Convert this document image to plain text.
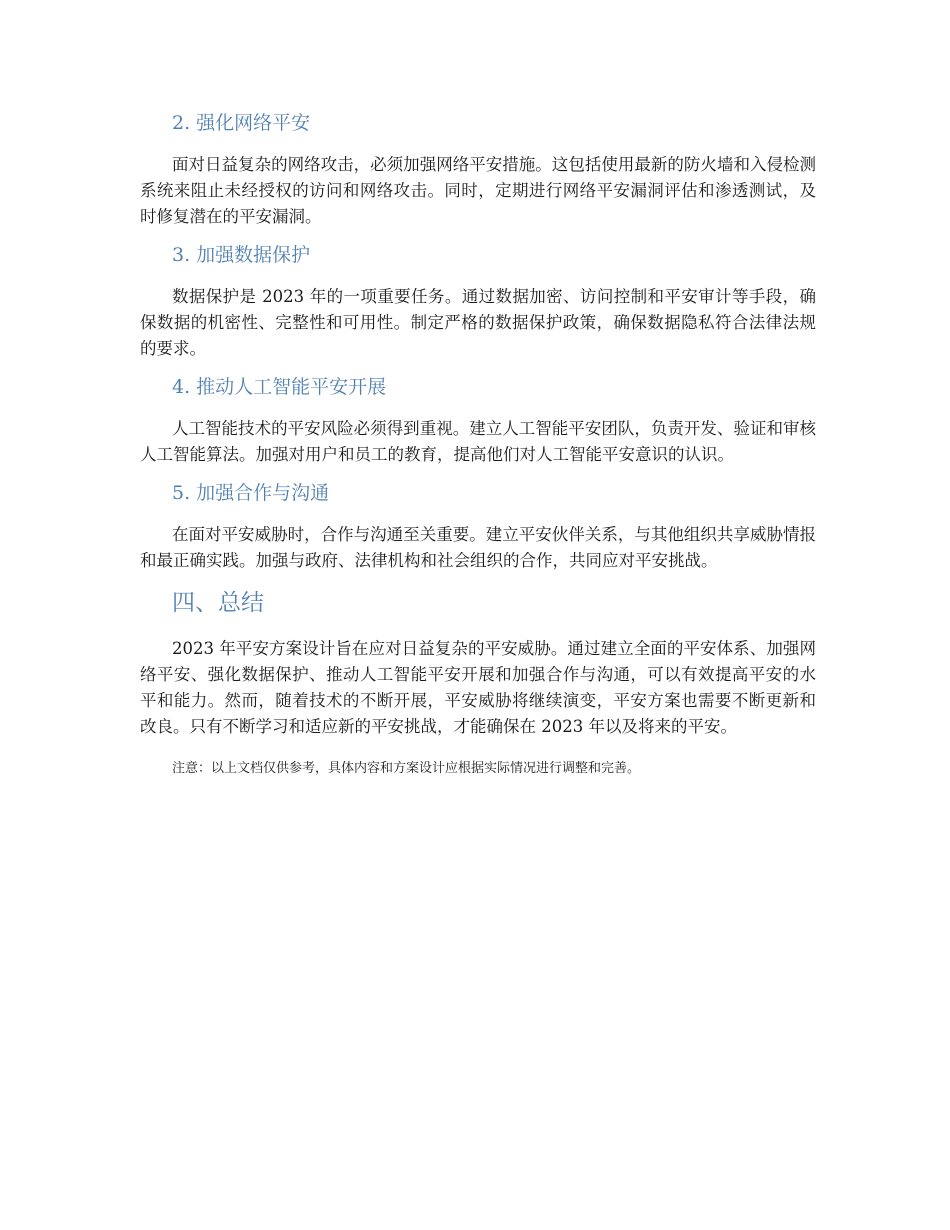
2. 强化网络平安

面对日益复杂的网络攻击，必须加强网络平安措施。这包括使用最新的防火墙和入侵检测系统来阻止未经授权的访问和网络攻击。同时，定期进行网络平安漏洞评估和渗透测试，及时修复潜在的平安漏洞。

3. 加强数据保护

数据保护是 2023 年的一项重要任务。通过数据加密、访问控制和平安审计等手段，确保数据的机密性、完整性和可用性。制定严格的数据保护政策，确保数据隐私符合法律法规的要求。

4. 推动人工智能平安开展

人工智能技术的平安风险必须得到重视。建立人工智能平安团队，负责开发、验证和审核人工智能算法。加强对用户和员工的教育，提高他们对人工智能平安意识的认识。

5. 加强合作与沟通

在面对平安威胁时，合作与沟通至关重要。建立平安伙伴关系，与其他组织共享威胁情报和最正确实践。加强与政府、法律机构和社会组织的合作，共同应对平安挑战。

四、总结

2023 年平安方案设计旨在应对日益复杂的平安威胁。通过建立全面的平安体系、加强网络平安、强化数据保护、推动人工智能平安开展和加强合作与沟通，可以有效提高平安的水平和能力。然而，随着技术的不断开展，平安威胁将继续演变，平安方案也需要不断更新和改良。只有不断学习和适应新的平安挑战，才能确保在 2023 年以及将来的平安。

注意：以上文档仅供参考，具体内容和方案设计应根据实际情况进行调整和完善。
